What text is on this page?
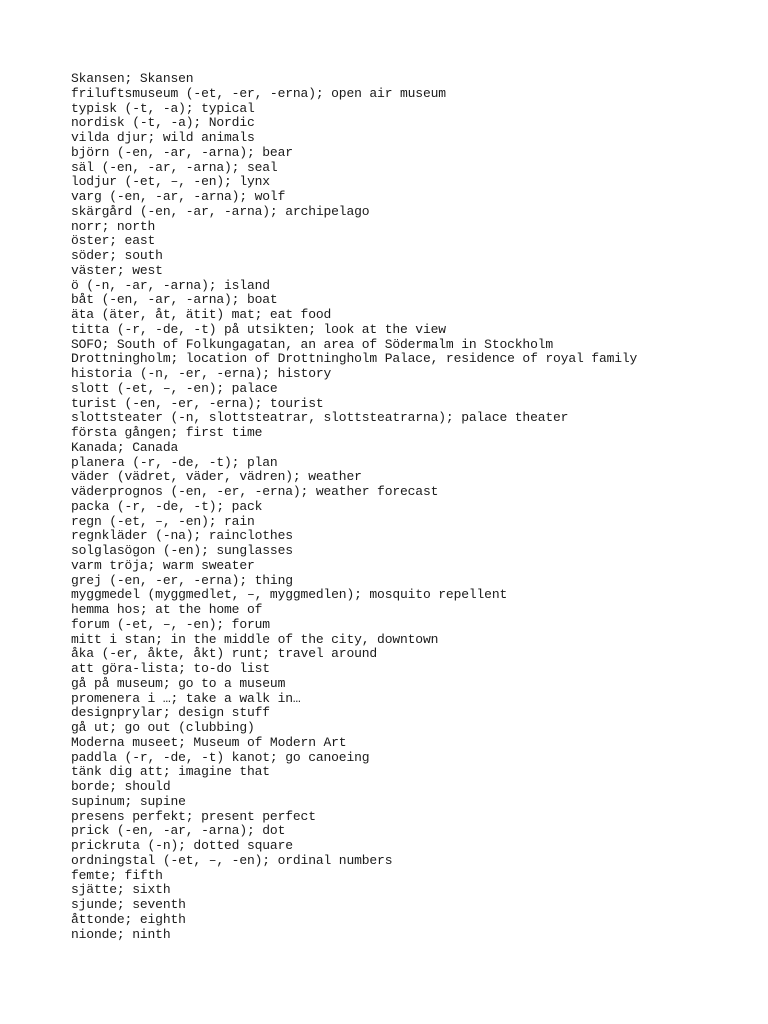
Skansen; Skansen
friluftsmuseum (-et, -er, -erna); open air museum
typisk (-t, -a); typical
nordisk (-t, -a); Nordic
vilda djur; wild animals
björn (-en, -ar, -arna); bear
säl (-en, -ar, -arna); seal
lodjur (-et, –, -en); lynx
varg (-en, -ar, -arna); wolf
skärgård (-en, -ar, -arna); archipelago
norr; north
öster; east
söder; south
väster; west
ö (-n, -ar, -arna); island
båt (-en, -ar, -arna); boat
äta (äter, åt, ätit) mat; eat food
titta (-r, -de, -t) på utsikten; look at the view
SOFO; South of Folkungagatan, an area of Södermalm in Stockholm
Drottningholm; location of Drottningholm Palace, residence of royal family
historia (-n, -er, -erna); history
slott (-et, –, -en); palace
turist (-en, -er, -erna); tourist
slottsteater (-n, slottsteatrar, slottsteatrarna); palace theater
första gången; first time
Kanada; Canada
planera (-r, -de, -t); plan
väder (vädret, väder, vädren); weather
väderprognos (-en, -er, -erna); weather forecast
packa (-r, -de, -t); pack
regn (-et, –, -en); rain
regnkläder (-na); rainclothes
solglasögon (-en); sunglasses
varm tröja; warm sweater
grej (-en, -er, -erna); thing
myggmedel (myggmedlet, –, myggmedlen); mosquito repellent
hemma hos; at the home of
forum (-et, –, -en); forum
mitt i stan; in the middle of the city, downtown
åka (-er, åkte, åkt) runt; travel around
att göra-lista; to-do list
gå på museum; go to a museum
promenera i …; take a walk in…
designprylar; design stuff
gå ut; go out (clubbing)
Moderna museet; Museum of Modern Art
paddla (-r, -de, -t) kanot; go canoeing
tänk dig att; imagine that
borde; should
supinum; supine
presens perfekt; present perfect
prick (-en, -ar, -arna); dot
prickruta (-n); dotted square
ordningstal (-et, –, -en); ordinal numbers
femte; fifth
sjätte; sixth
sjunde; seventh
åttonde; eighth
nionde; ninth
